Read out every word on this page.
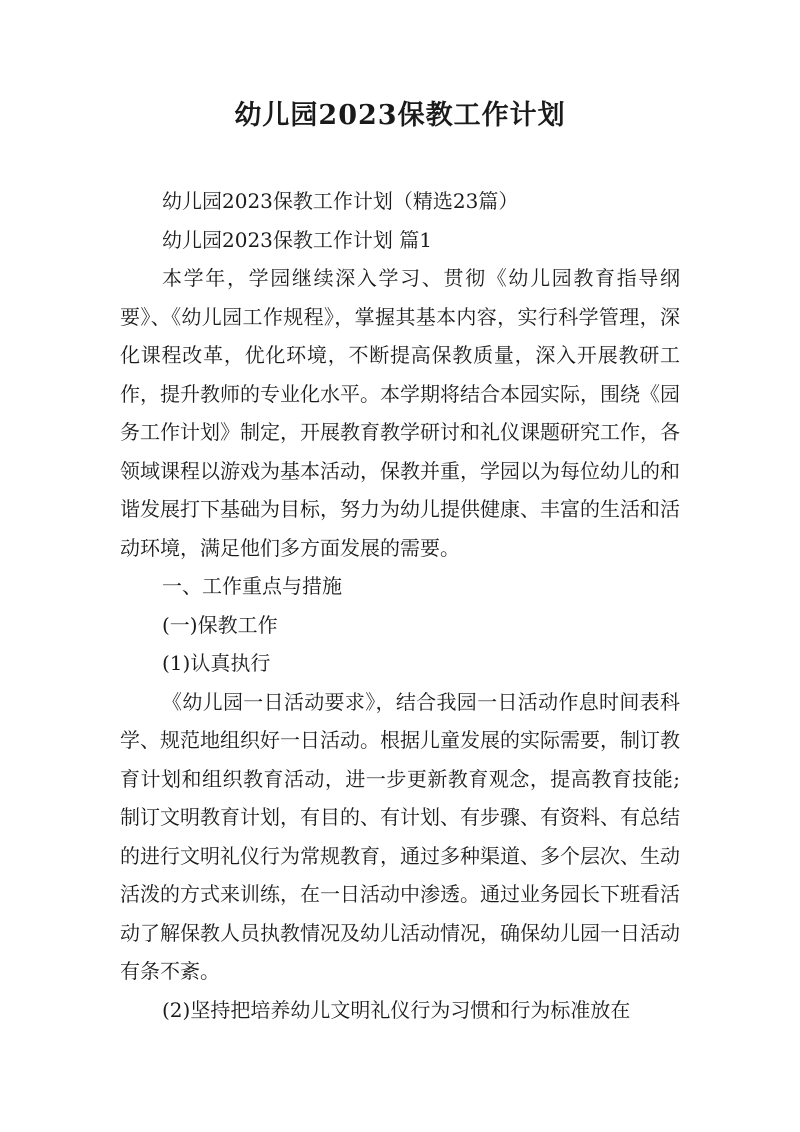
幼儿园2023保教工作计划

幼儿园2023保教工作计划（精选23篇）

幼儿园2023保教工作计划 篇1

本学年，学园继续深入学习、贯彻《幼儿园教育指导纲要》、《幼儿园工作规程》，掌握其基本内容，实行科学管理，深化课程改革，优化环境，不断提高保教质量，深入开展教研工作，提升教师的专业化水平。本学期将结合本园实际，围绕《园务工作计划》制定，开展教育教学研讨和礼仪课题研究工作，各领域课程以游戏为基本活动，保教并重，学园以为每位幼儿的和谐发展打下基础为目标，努力为幼儿提供健康、丰富的生活和活动环境，满足他们多方面发展的需要。

一、工作重点与措施

(一)保教工作

(1)认真执行

《幼儿园一日活动要求》，结合我园一日活动作息时间表科学、规范地组织好一日活动。根据儿童发展的实际需要，制订教育计划和组织教育活动，进一步更新教育观念，提高教育技能;制订文明教育计划，有目的、有计划、有步骤、有资料、有总结的进行文明礼仪行为常规教育，通过多种渠道、多个层次、生动活泼的方式来训练，在一日活动中渗透。通过业务园长下班看活动了解保教人员执教情况及幼儿活动情况，确保幼儿园一日活动有条不紊。

(2)坚持把培养幼儿文明礼仪行为习惯和行为标准放在
